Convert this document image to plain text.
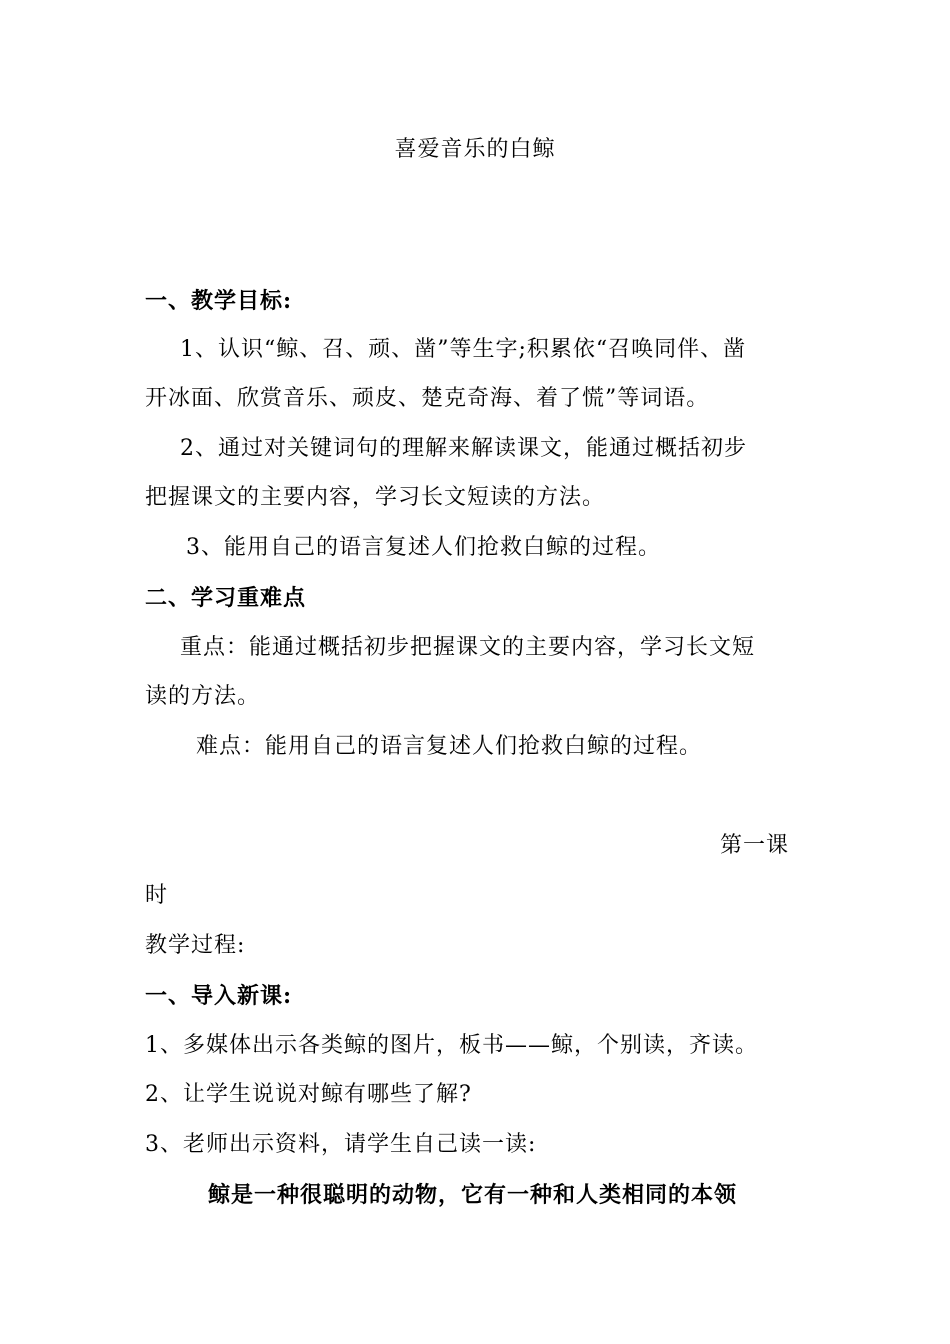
喜爱音乐的白鲸
一、教学目标:
1、认识“鲸、召、顽、凿”等生字;积累依“召唤同伴、凿
开冰面、欣赏音乐、顽皮、楚克奇海、着了慌”等词语。
2、通过对关键词句的理解来解读课文，能通过概括初步
把握课文的主要内容，学习长文短读的方法。
3、能用自己的语言复述人们抢救白鲸的过程。
二、学习重难点
重点：能通过概括初步把握课文的主要内容，学习长文短
读的方法。
难点：能用自己的语言复述人们抢救白鲸的过程。
第一课
时
教学过程:
一、导入新课:
1、多媒体出示各类鲸的图片，板书——鲸，个别读，齐读。
2、让学生说说对鲸有哪些了解?
3、老师出示资料，请学生自己读一读:
鲸是一种很聪明的动物，它有一种和人类相同的本领
